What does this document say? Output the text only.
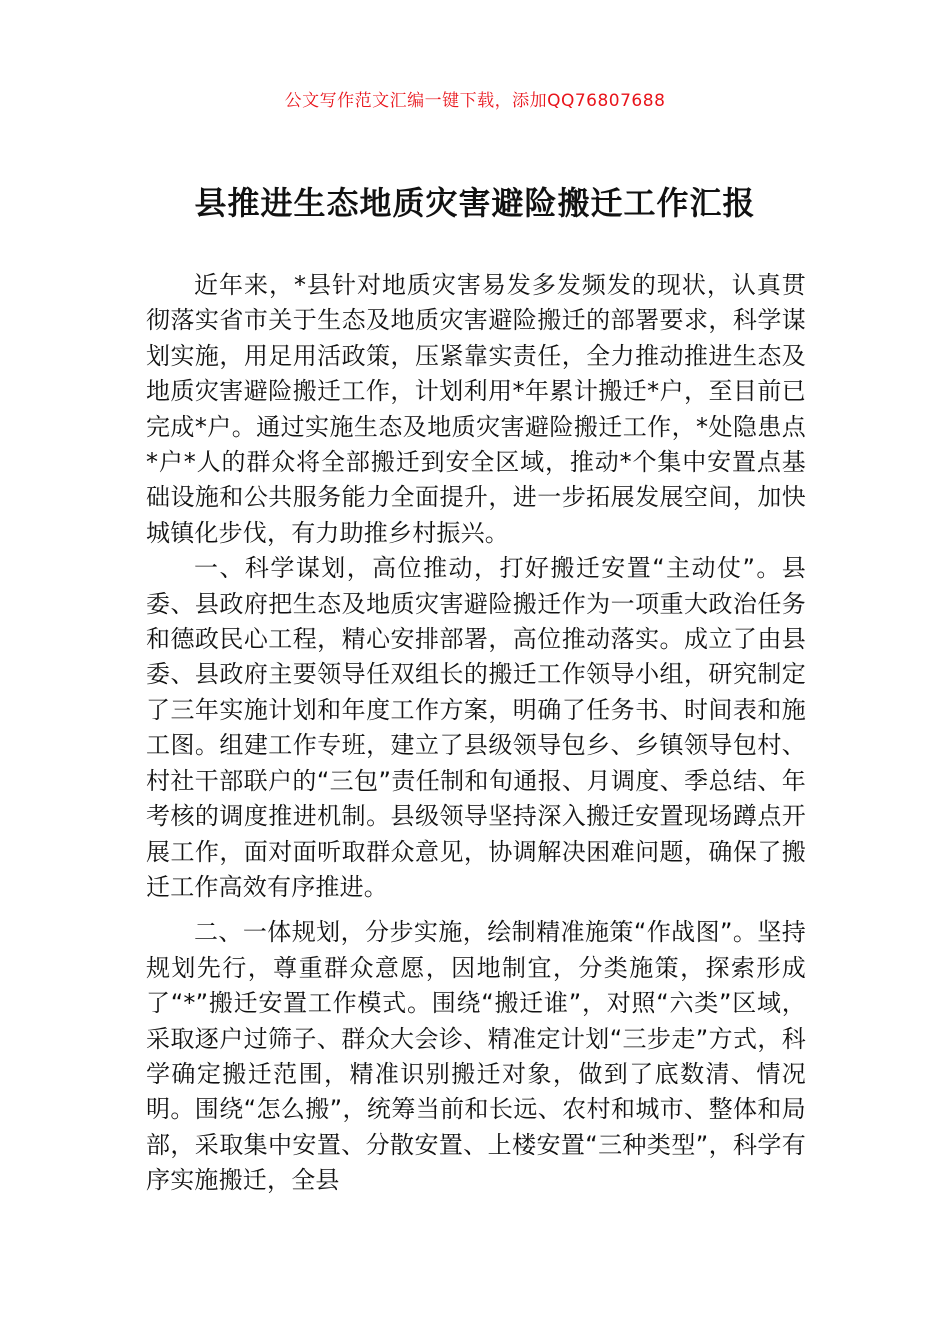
公文写作范文汇编一键下载，添加QQ76807688
县推进生态地质灾害避险搬迁工作汇报

近年来，*县针对地质灾害易发多发频发的现状，认真贯彻落实省市关于生态及地质灾害避险搬迁的部署要求，科学谋划实施，用足用活政策，压紧靠实责任，全力推动推进生态及地质灾害避险搬迁工作，计划利用*年累计搬迁*户，至目前已完成*户。通过实施生态及地质灾害避险搬迁工作，*处隐患点*户*人的群众将全部搬迁到安全区域，推动*个集中安置点基础设施和公共服务能力全面提升，进一步拓展发展空间，加快城镇化步伐，有力助推乡村振兴。

一、科学谋划，高位推动，打好搬迁安置“主动仗”。县委、县政府把生态及地质灾害避险搬迁作为一项重大政治任务和德政民心工程，精心安排部署，高位推动落实。成立了由县委、县政府主要领导任双组长的搬迁工作领导小组，研究制定了三年实施计划和年度工作方案，明确了任务书、时间表和施工图。组建工作专班，建立了县级领导包乡、乡镇领导包村、村社干部联户的“三包”责任制和旬通报、月调度、季总结、年考核的调度推进机制。县级领导坚持深入搬迁安置现场蹲点开展工作，面对面听取群众意见，协调解决困难问题，确保了搬迁工作高效有序推进。

二、一体规划，分步实施，绘制精准施策“作战图”。坚持规划先行，尊重群众意愿，因地制宜，分类施策，探索形成了“*”搬迁安置工作模式。围绕“搬迁谁”，对照“六类”区域，采取逐户过筛子、群众大会诊、精准定计划“三步走”方式，科学确定搬迁范围，精准识别搬迁对象，做到了底数清、情况明。围绕“怎么搬”，统筹当前和长远、农村和城市、整体和局部，采取集中安置、分散安置、上楼安置“三种类型”，科学有序实施搬迁，全县
